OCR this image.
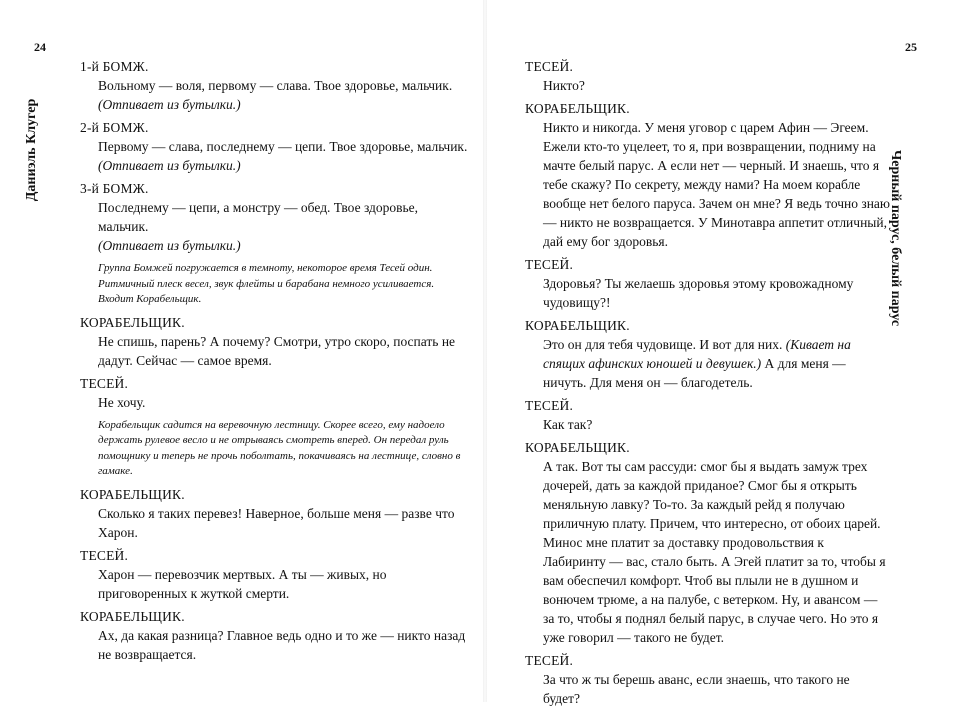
24
Даниэль Клугер
1-й БОМЖ.
Вольному — воля, первому — слава. Твое здоровье, мальчик.
(Отпивает из бутылки.)
2-й БОМЖ.
Первому — слава, последнему — цепи. Твое здоровье, мальчик.
(Отпивает из бутылки.)
3-й БОМЖ.
Последнему — цепи, а монстру — обед. Твое здоровье, мальчик.
(Отпивает из бутылки.)
Группа Бомжей погружается в темноту, некоторое время Тесей один. Ритмичный плеск весел, звук флейты и барабана немного усиливается. Входит Корабельщик.
КОРАБЕЛЬЩИК.
Не спишь, парень? А почему? Смотри, утро скоро, поспать не дадут. Сейчас — самое время.
ТЕСЕЙ.
Не хочу.
Корабельщик садится на веревочную лестницу. Скорее всего, ему надоело держать рулевое весло и не отрываясь смотреть вперед. Он передал руль помощнику и теперь не прочь поболтать, покачиваясь на лестнице, словно в гамаке.
КОРАБЕЛЬЩИК.
Сколько я таких перевез! Наверное, больше меня — разве что Харон.
ТЕСЕЙ.
Харон — перевозчик мертвых. А ты — живых, но приговоренных к жуткой смерти.
КОРАБЕЛЬЩИК.
Ах, да какая разница? Главное ведь одно и то же — никто назад не возвращается.
25
Черный парус, белый парус
ТЕСЕЙ.
Никто?
КОРАБЕЛЬЩИК.
Никто и никогда. У меня уговор с царем Афин — Эгеем. Ежели кто-то уцелеет, то я, при возвращении, подниму на мачте белый парус. А если нет — черный. И знаешь, что я тебе скажу? По секрету, между нами? На моем корабле вообще нет белого паруса. Зачем он мне? Я ведь точно знаю — никто не возвращается. У Минотавра аппетит отличный, дай ему бог здоровья.
ТЕСЕЙ.
Здоровья? Ты желаешь здоровья этому кровожадному чудовищу?!
КОРАБЕЛЬЩИК.
Это он для тебя чудовище. И вот для них. (Кивает на спящих афинских юношей и девушек.) А для меня — ничуть. Для меня он — благодетель.
ТЕСЕЙ.
Как так?
КОРАБЕЛЬЩИК.
А так. Вот ты сам рассуди: смог бы я выдать замуж трех дочерей, дать за каждой приданое? Смог бы я открыть меняльную лавку? То-то. За каждый рейд я получаю приличную плату. Причем, что интересно, от обоих царей. Минос мне платит за доставку продовольствия к Лабиринту — вас, стало быть. А Эгей платит за то, чтобы я вам обеспечил комфорт. Чтоб вы плыли не в душном и вонючем трюме, а на палубе, с ветерком. Ну, и авансом — за то, чтобы я поднял белый парус, в случае чего. Но это я уже говорил — такого не будет.
ТЕСЕЙ.
За что ж ты берешь аванс, если знаешь, что такого не будет?
